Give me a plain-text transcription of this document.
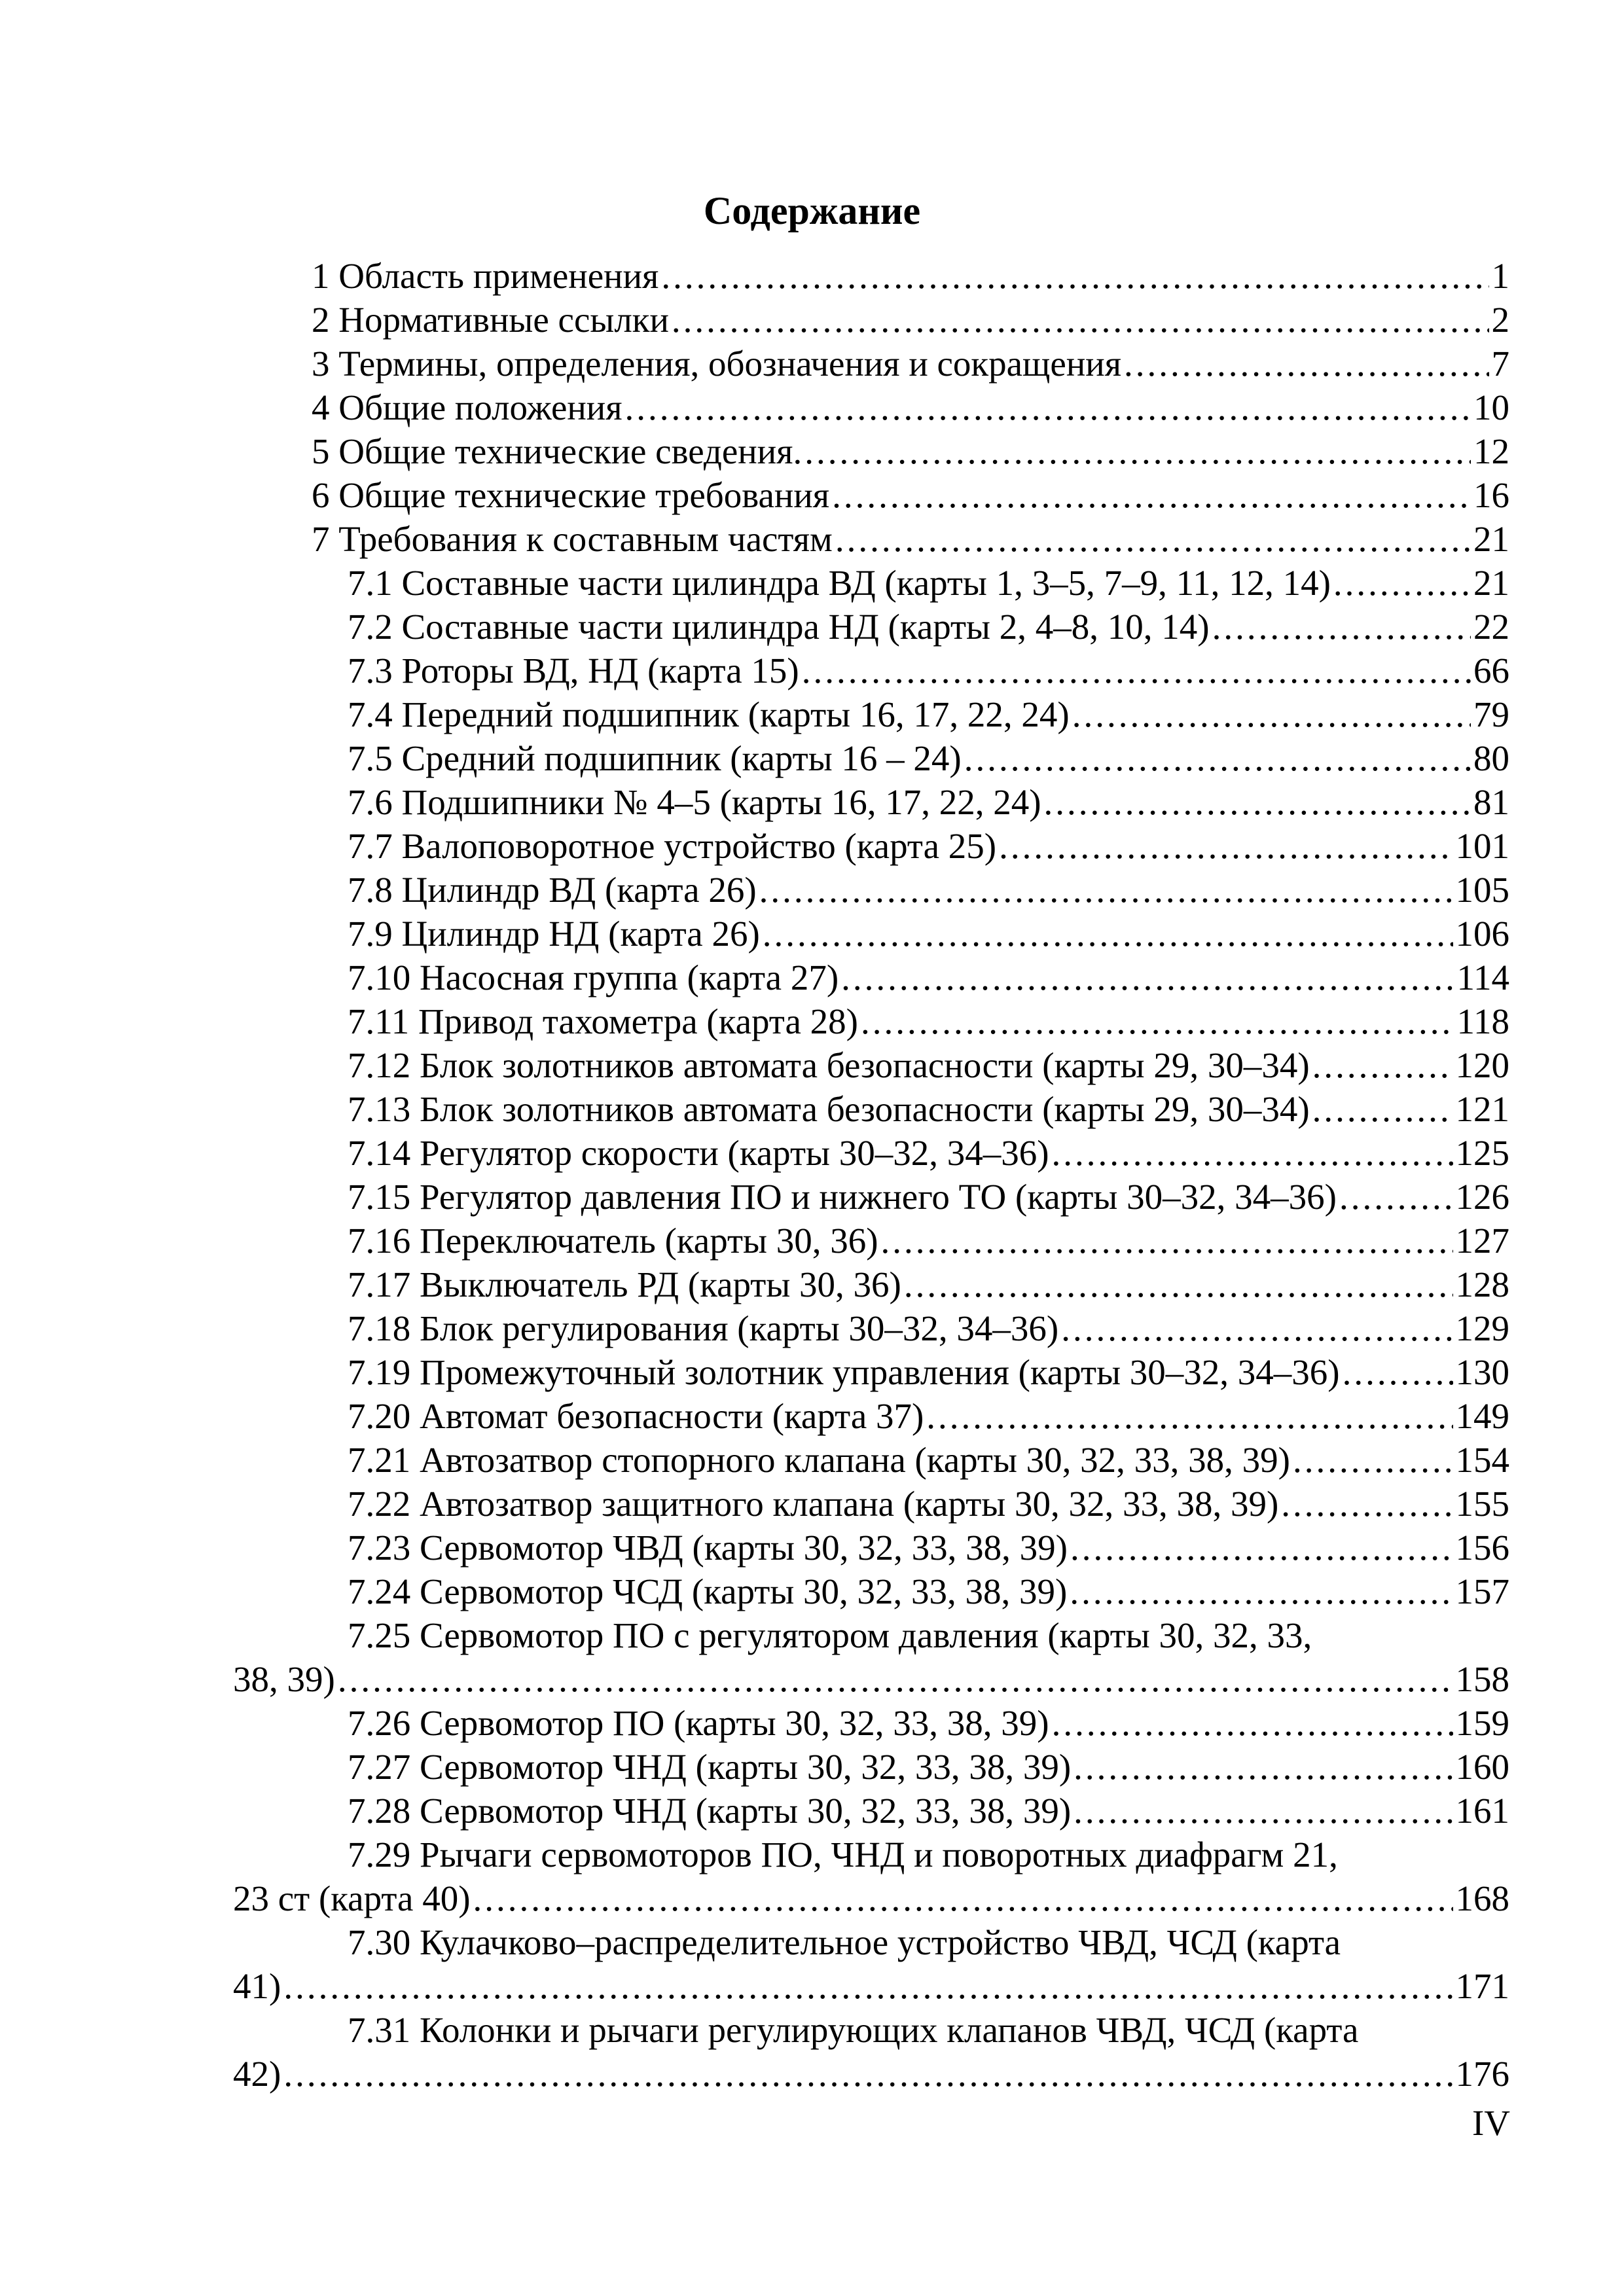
Содержание
1 Область применения .....	1
2 Нормативные ссылки .....	2
3 Термины, определения, обозначения и сокращения .....	7
4 Общие положения .....	10
5 Общие технические сведения. .....	12
6 Общие технические требования .....	16
7 Требования к составным частям .....	21
7.1 Составные части цилиндра ВД (карты 1, 3–5, 7–9, 11, 12, 14) .....	21
7.2 Составные части цилиндра НД (карты 2, 4–8, 10, 14) .....	22
7.3 Роторы ВД, НД (карта 15) .....	66
7.4 Передний подшипник (карты 16, 17, 22, 24) .....	79
7.5 Средний подшипник (карты 16 – 24) .....	80
7.6 Подшипники № 4–5 (карты 16, 17, 22, 24) .....	81
7.7 Валоповоротное устройство (карта 25) .....	101
7.8 Цилиндр ВД (карта 26) .....	105
7.9 Цилиндр НД (карта 26) .....	106
7.10 Насосная группа (карта 27) .....	114
7.11 Привод тахометра (карта 28) .....	118
7.12 Блок золотников автомата безопасности (карты 29, 30–34) .....	120
7.13 Блок золотников автомата безопасности (карты 29, 30–34) .....	121
7.14 Регулятор скорости (карты 30–32, 34–36) .....	125
7.15 Регулятор давления ПО и нижнего ТО (карты 30–32, 34–36) .....	126
7.16 Переключатель (карты 30, 36) .....	127
7.17 Выключатель РД (карты 30, 36) .....	128
7.18 Блок регулирования (карты 30–32, 34–36) .....	129
7.19 Промежуточный золотник управления (карты 30–32, 34–36) .....	130
7.20 Автомат безопасности (карта 37) .....	149
7.21 Автозатвор стопорного клапана (карты 30, 32, 33, 38, 39) .....	154
7.22 Автозатвор защитного клапана (карты 30, 32, 33, 38, 39) .....	155
7.23 Сервомотор ЧВД (карты 30, 32, 33, 38, 39) .....	156
7.24 Сервомотор ЧСД (карты 30, 32, 33, 38, 39) .....	157
7.25 Сервомотор ПО с регулятором давления (карты 30, 32, 33,
38, 39) .....	158
7.26 Сервомотор ПО (карты 30, 32, 33, 38, 39) .....	159
7.27 Сервомотор ЧНД (карты 30, 32, 33, 38, 39) .....	160
7.28 Сервомотор ЧНД (карты 30, 32, 33, 38, 39) .....	161
7.29 Рычаги сервомоторов ПО, ЧНД и поворотных диафрагм 21,
23 ст (карта 40) .....	168
7.30 Кулачково–распределительное устройство ЧВД, ЧСД (карта
41) .....	171
7.31 Колонки и рычаги регулирующих клапанов ЧВД, ЧСД (карта
42) .....	176
IV
